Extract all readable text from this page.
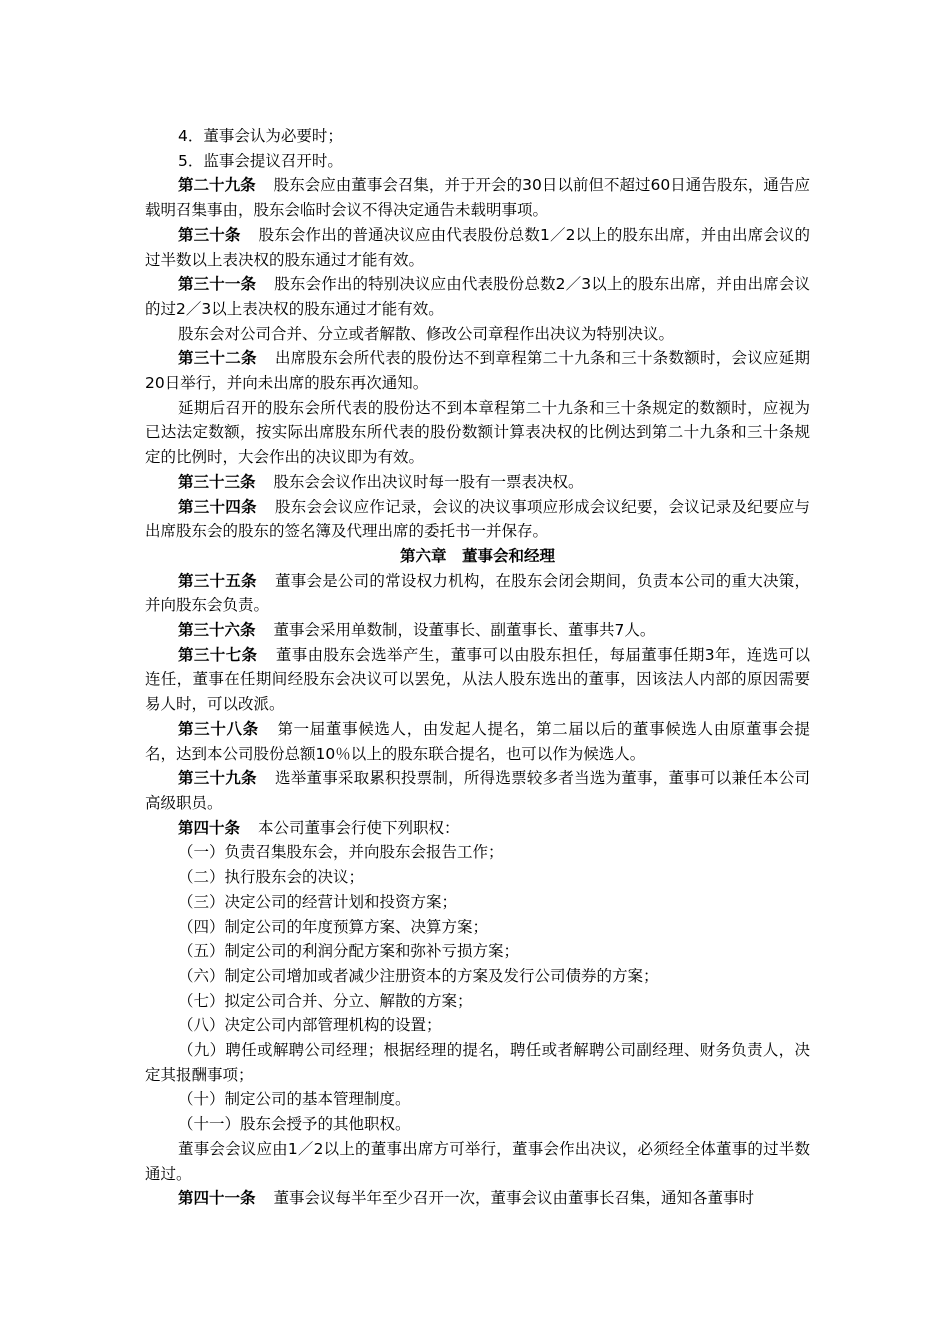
4．董事会认为必要时；

5．监事会提议召开时。

第二十九条 股东会应由董事会召集，并于开会的30日以前但不超过60日通告股东，通告应载明召集事由，股东会临时会议不得决定通告未载明事项。

第三十条 股东会作出的普通决议应由代表股份总数1／2以上的股东出席，并由出席会议的过半数以上表决权的股东通过才能有效。

第三十一条 股东会作出的特别决议应由代表股份总数2／3以上的股东出席，并由出席会议的过2／3以上表决权的股东通过才能有效。

股东会对公司合并、分立或者解散、修改公司章程作出决议为特别决议。

第三十二条 出席股东会所代表的股份达不到章程第二十九条和三十条数额时，会议应延期20日举行，并向未出席的股东再次通知。

延期后召开的股东会所代表的股份达不到本章程第二十九条和三十条规定的数额时，应视为已达法定数额，按实际出席股东所代表的股份数额计算表决权的比例达到第二十九条和三十条规定的比例时，大会作出的决议即为有效。

第三十三条 股东会会议作出决议时每一股有一票表决权。

第三十四条 股东会会议应作记录，会议的决议事项应形成会议纪要，会议记录及纪要应与出席股东会的股东的签名簿及代理出席的委托书一并保存。

第六章　董事会和经理

第三十五条 董事会是公司的常设权力机构，在股东会闭会期间，负责本公司的重大决策，并向股东会负责。

第三十六条 董事会采用单数制，设董事长、副董事长、董事共7人。

第三十七条 董事由股东会选举产生，董事可以由股东担任，每届董事任期3年，连选可以连任，董事在任期间经股东会决议可以罢免，从法人股东选出的董事，因该法人内部的原因需要易人时，可以改派。

第三十八条 第一届董事候选人，由发起人提名，第二届以后的董事候选人由原董事会提名，达到本公司股份总额10％以上的股东联合提名，也可以作为候选人。

第三十九条 选举董事采取累积投票制，所得选票较多者当选为董事，董事可以兼任本公司高级职员。

第四十条 本公司董事会行使下列职权：

（一）负责召集股东会，并向股东会报告工作；

（二）执行股东会的决议；

（三）决定公司的经营计划和投资方案；

（四）制定公司的年度预算方案、决算方案；

（五）制定公司的利润分配方案和弥补亏损方案；

（六）制定公司增加或者减少注册资本的方案及发行公司债券的方案；

（七）拟定公司合并、分立、解散的方案；

（八）决定公司内部管理机构的设置；

（九）聘任或解聘公司经理；根据经理的提名，聘任或者解聘公司副经理、财务负责人，决定其报酬事项；

（十）制定公司的基本管理制度。

（十一）股东会授予的其他职权。

董事会会议应由1／2以上的董事出席方可举行，董事会作出决议，必须经全体董事的过半数通过。

第四十一条 董事会议每半年至少召开一次，董事会议由董事长召集，通知各董事时
